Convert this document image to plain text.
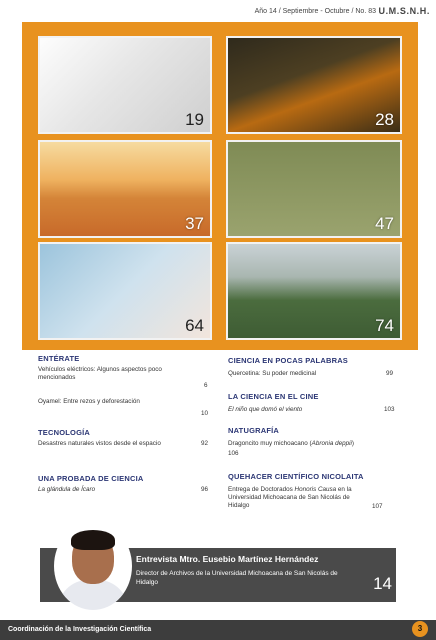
Año 14 / Septiembre - Octubre / No. 83 U.M.S.N.H.
19	28
37	47
64	74
ENTÉRATE
Vehículos eléctricos: Algunos aspectos poco mencionados
6
Oyamel: Entre rezos y deforestación
10
TECNOLOGÍA
Desastres naturales vistos desde el espacio	92
UNA PROBADA DE CIENCIA
La glándula de Ícaro	96
CIENCIA EN POCAS PALABRAS
Quercetina: Su poder medicinal	99
LA CIENCIA EN EL CINE
El niño que domó el viento	103
NATUGRAFÍA
Dragoncito muy michoacano (Abronia deppii)
106
QUEHACER CIENTÍFICO NICOLAITA
Entrega de Doctorados Honoris Causa en la Universidad Michoacana de San Nicolás de Hidalgo	107
Entrevista Mtro. Eusebio Martínez Hernández
Director de Archivos de la Universidad Michoacana de San Nicolás de Hidalgo	14
Coordinación de la Investigación Científica	3
